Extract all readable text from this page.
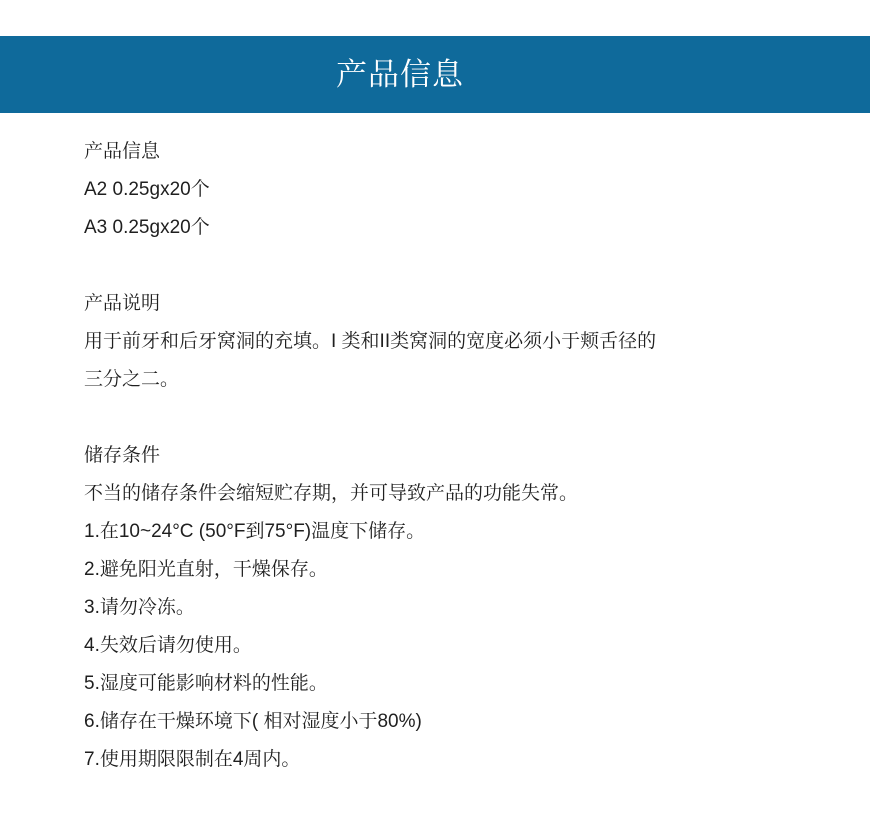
产品信息
产品信息
A2 0.25gx20个
A3 0.25gx20个
产品说明
用于前牙和后牙窝洞的充填。I 类和II类窝洞的宽度必须小于颊舌径的
三分之二。
储存条件
不当的储存条件会缩短贮存期，并可导致产品的功能失常。
1.在10~24°C (50°F到75°F)温度下储存。
2.避免阳光直射，干燥保存。
3.请勿冷冻。
4.失效后请勿使用。
5.湿度可能影响材料的性能。
6.储存在干燥环境下( 相对湿度小于80%)
7.使用期限限制在4周内。
